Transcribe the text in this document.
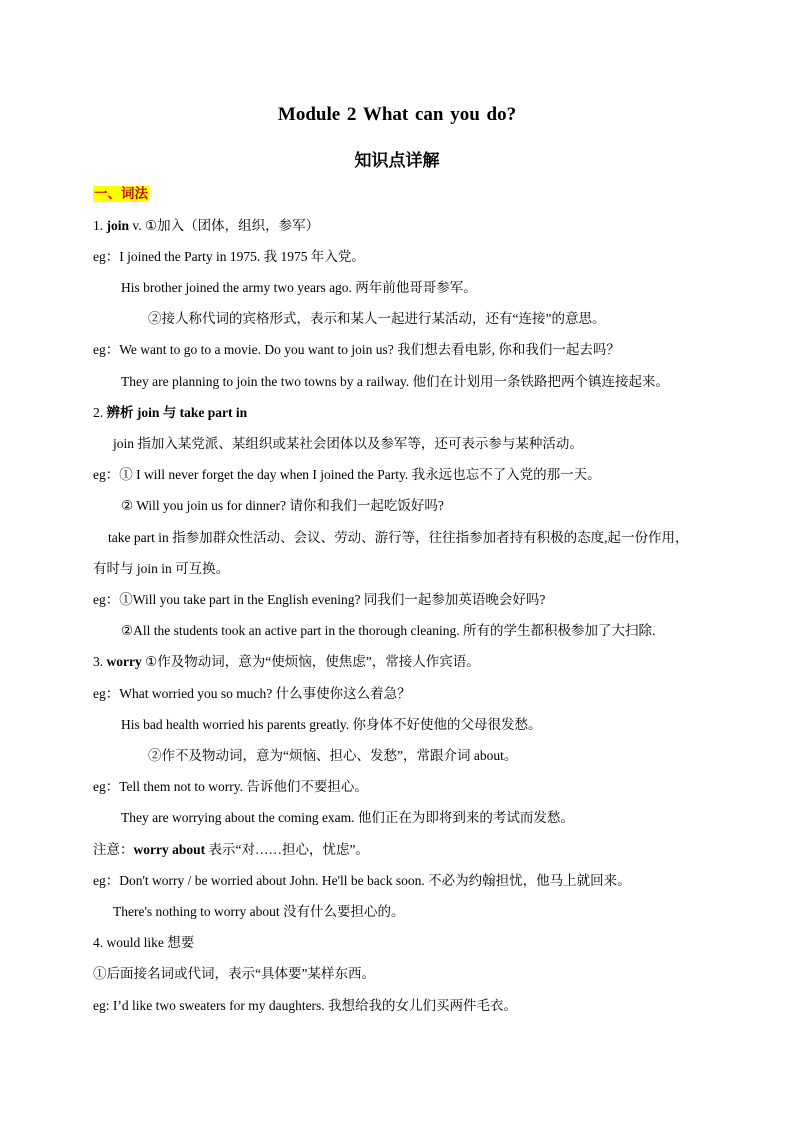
Module 2 What can you do?
知识点详解
一、词法
1. join v. ①加入（团体，组织，参军）
eg：I joined the Party in 1975. 我 1975 年入党。
His brother joined the army two years ago. 两年前他哥哥参军。
②接人称代词的宾格形式，表示和某人一起进行某活动，还有“连接”的意思。
eg：We want to go to a movie. Do you want to join us? 我们想去看电影, 你和我们一起去吗？
They are planning to join the two towns by a railway. 他们在计划用一条铁路把两个镇连接起来。
2. 辨析 join 与 take part in
join 指加入某党派、某组织或某社会团体以及参军等，还可表示参与某种活动。
eg：① I will never forget the day when I joined the Party. 我永远也忘不了入党的那一天。
② Will you join us for dinner? 请你和我们一起吃饭好吗?
take part in 指参加群众性活动、会议、劳动、游行等，往往指参加者持有积极的态度,起一份作用，
有时与 join in 可互换。
eg：①Will you take part in the English evening? 同我们一起参加英语晚会好吗?
②All the students took an active part in the thorough cleaning. 所有的学生都积极参加了大扫除.
3. worry ①作及物动词，意为“使烦恼，使焦虑”，常接人作宾语。
eg：What worried you so much? 什么事使你这么着急？
His bad health worried his parents greatly. 你身体不好使他的父母很发愁。
②作不及物动词，意为“烦恼、担心、发愁”，常跟介词 about。
eg：Tell them not to worry. 告诉他们不要担心。
They are worrying about the coming exam. 他们正在为即将到来的考试而发愁。
注意：worry about 表示“对……担心，忧虑”。
eg：Don't worry / be worried about John. He'll be back soon. 不必为约翰担忧，他马上就回来。
There's nothing to worry about 没有什么要担心的。
4. would like 想要
①后面接名词或代词，表示“具体要”某样东西。
eg: I’d like two sweaters for my daughters. 我想给我的女儿们买两件毛衣。
